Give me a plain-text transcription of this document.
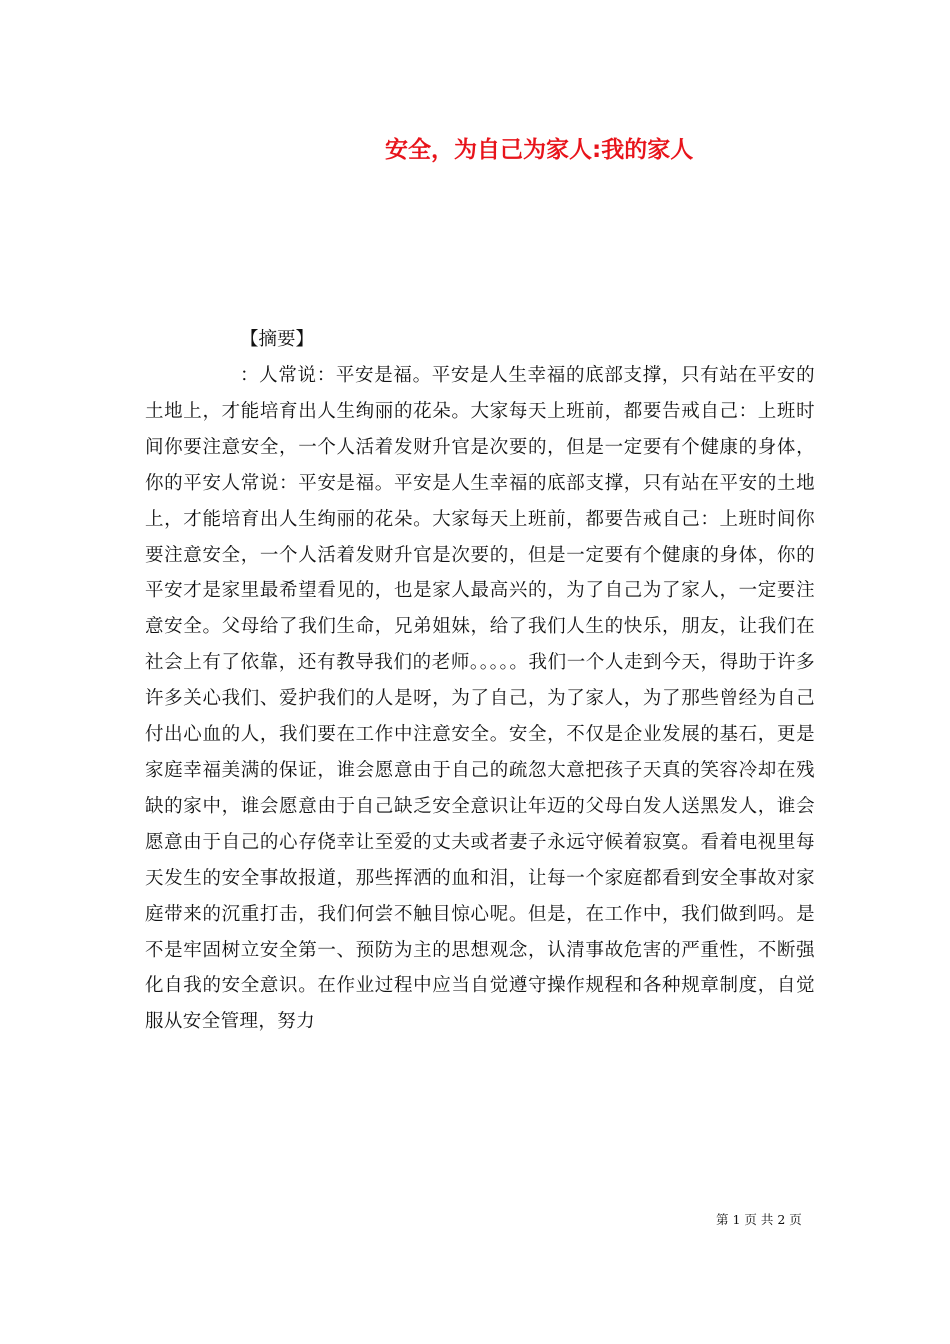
安全，为自己为家人:我的家人
【摘要】

：人常说：平安是福。平安是人生幸福的底部支撑，只有站在平安的土地上，才能培育出人生绚丽的花朵。大家每天上班前，都要告戒自己：上班时间你要注意安全，一个人活着发财升官是次要的，但是一定要有个健康的身体，你的平安人常说：平安是福。平安是人生幸福的底部支撑，只有站在平安的土地上，才能培育出人生绚丽的花朵。大家每天上班前，都要告戒自己：上班时间你要注意安全，一个人活着发财升官是次要的，但是一定要有个健康的身体，你的平安才是家里最希望看见的，也是家人最高兴的，为了自己为了家人，一定要注意安全。父母给了我们生命，兄弟姐妹，给了我们人生的快乐，朋友，让我们在社会上有了依靠，还有教导我们的老师。。。。。我们一个人走到今天，得助于许多许多关心我们、爱护我们的人是呀，为了自己，为了家人，为了那些曾经为自己付出心血的人，我们要在工作中注意安全。安全，不仅是企业发展的基石，更是家庭幸福美满的保证，谁会愿意由于自己的疏忽大意把孩子天真的笑容冷却在残缺的家中，谁会愿意由于自己缺乏安全意识让年迈的父母白发人送黑发人，谁会愿意由于自己的心存侥幸让至爱的丈夫或者妻子永远守候着寂寞。看着电视里每天发生的安全事故报道，那些挥洒的血和泪，让每一个家庭都看到安全事故对家庭带来的沉重打击，我们何尝不触目惊心呢。但是，在工作中，我们做到吗。是不是牢固树立安全第一、预防为主的思想观念，认清事故危害的严重性，不断强化自我的安全意识。在作业过程中应当自觉遵守操作规程和各种规章制度，自觉服从安全管理，努力

第 1 页 共 2 页
